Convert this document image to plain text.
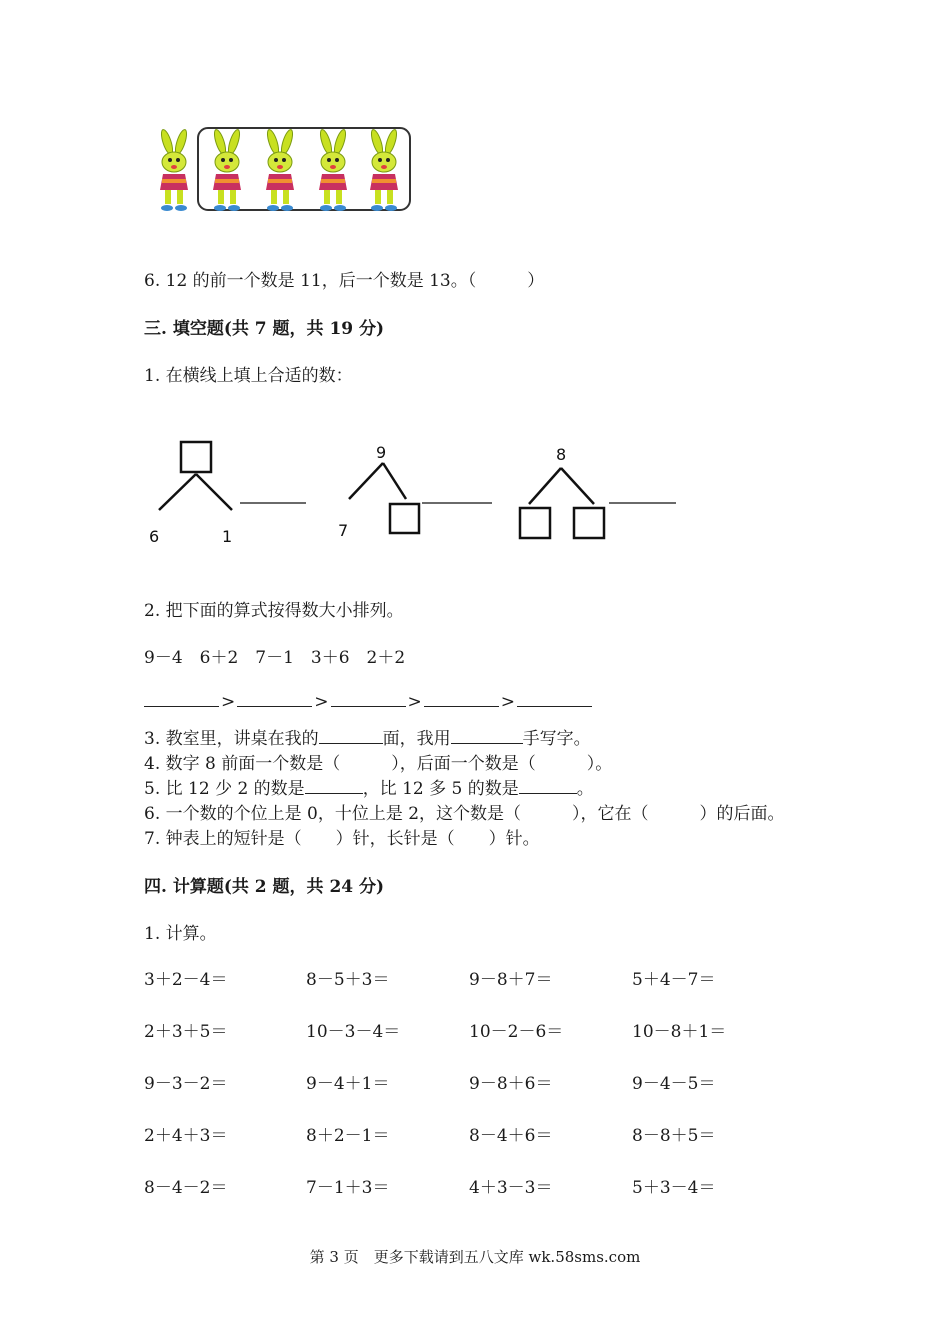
6. 12 的前一个数是 11，后一个数是 13。（　　　）
三. 填空题(共 7 题，共 19 分)
1. 在横线上填上合适的数：
6	1
9
7
8
2. 把下面的算式按得数大小排列。
9－4　6＋2　7－1　3＋6　2＋2
>	>	>	>
3. 教室里，讲桌在我的	面，我用	手写字。
4. 数字 8 前面一个数是（　　　），后面一个数是（　　　）。
5. 比 12 少 2 的数是	，比 12 多 5 的数是	。
6. 一个数的个位上是 0，十位上是 2，这个数是（　　　），它在（　　　）的后面。
7. 钟表上的短针是（　　）针，长针是（　　）针。
四. 计算题(共 2 题，共 24 分)
1. 计算。
3＋2－4＝	8－5＋3＝	9－8＋7＝	5＋4－7＝
2＋3＋5＝	10－3－4＝	10－2－6＝	10－8＋1＝
9－3－2＝	9－4＋1＝	9－8＋6＝	9－4－5＝
2＋4＋3＝	8＋2－1＝	8－4＋6＝	8－8＋5＝
8－4－2＝	7－1＋3＝	4＋3－3＝	5＋3－4＝
第 3 页　更多下载请到五八文库 wk.58sms.com
